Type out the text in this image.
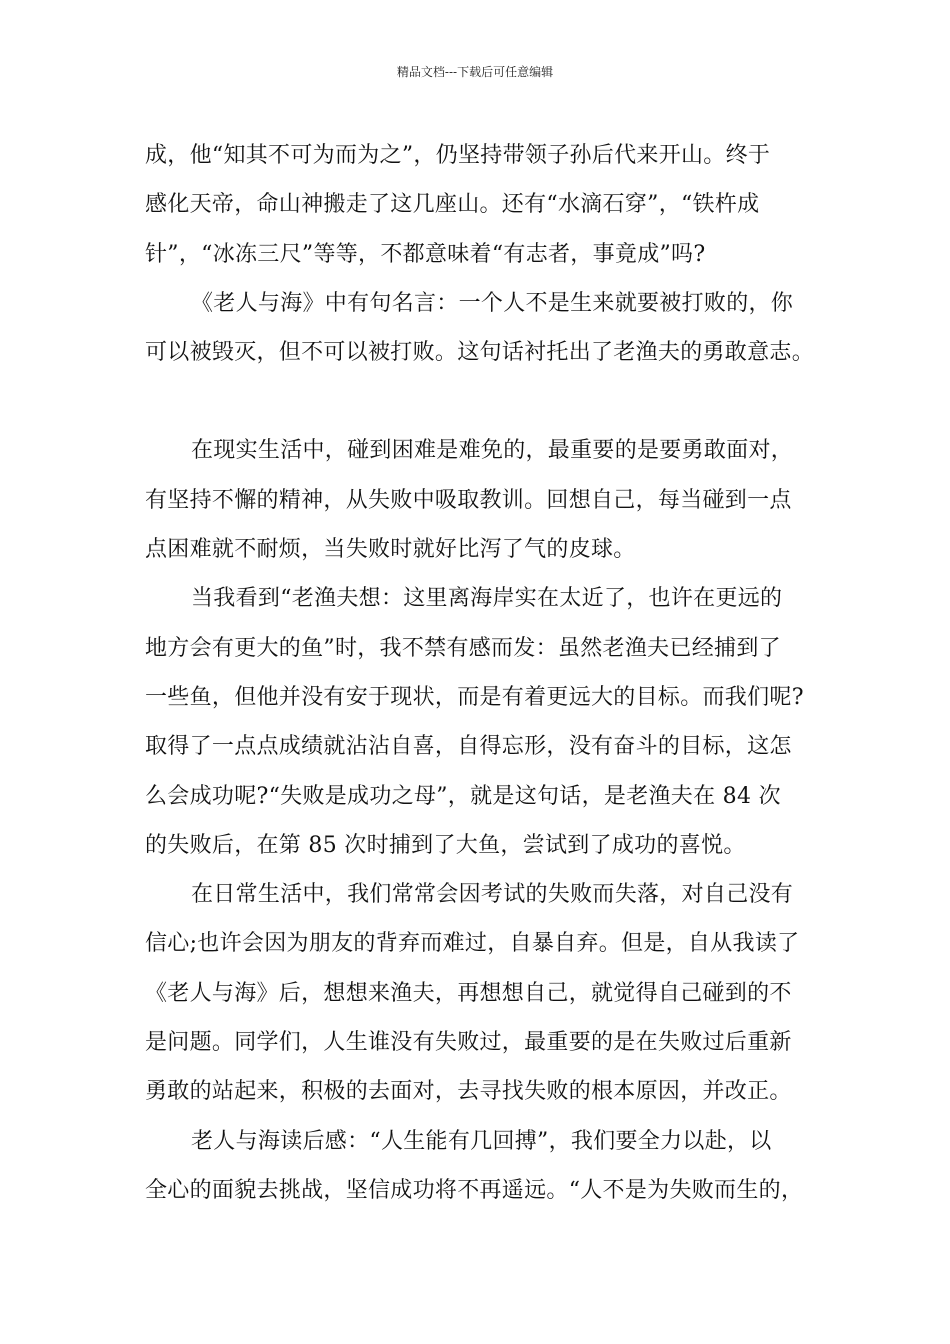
精品文档---下载后可任意编辑
成，他“知其不可为而为之”，仍坚持带领子孙后代来开山。终于
感化天帝，命山神搬走了这几座山。还有“水滴石穿”，“铁杵成
针”，“冰冻三尺”等等，不都意味着“有志者，事竟成”吗?
《老人与海》中有句名言：一个人不是生来就要被打败的，你
可以被毁灭，但不可以被打败。这句话衬托出了老渔夫的勇敢意志。
在现实生活中，碰到困难是难免的，最重要的是要勇敢面对，
有坚持不懈的精神，从失败中吸取教训。回想自己，每当碰到一点
点困难就不耐烦，当失败时就好比泻了气的皮球。
当我看到“老渔夫想：这里离海岸实在太近了，也许在更远的
地方会有更大的鱼”时，我不禁有感而发：虽然老渔夫已经捕到了
一些鱼，但他并没有安于现状，而是有着更远大的目标。而我们呢?
取得了一点点成绩就沾沾自喜，自得忘形，没有奋斗的目标，这怎
么会成功呢?“失败是成功之母”，就是这句话，是老渔夫在 84 次
的失败后，在第 85 次时捕到了大鱼，尝试到了成功的喜悦。
在日常生活中，我们常常会因考试的失败而失落，对自己没有
信心;也许会因为朋友的背弃而难过，自暴自弃。但是，自从我读了
《老人与海》后，想想来渔夫，再想想自己，就觉得自己碰到的不
是问题。同学们，人生谁没有失败过，最重要的是在失败过后重新
勇敢的站起来，积极的去面对，去寻找失败的根本原因，并改正。
老人与海读后感：“人生能有几回搏”，我们要全力以赴，以
全心的面貌去挑战，坚信成功将不再遥远。“人不是为失败而生的，
